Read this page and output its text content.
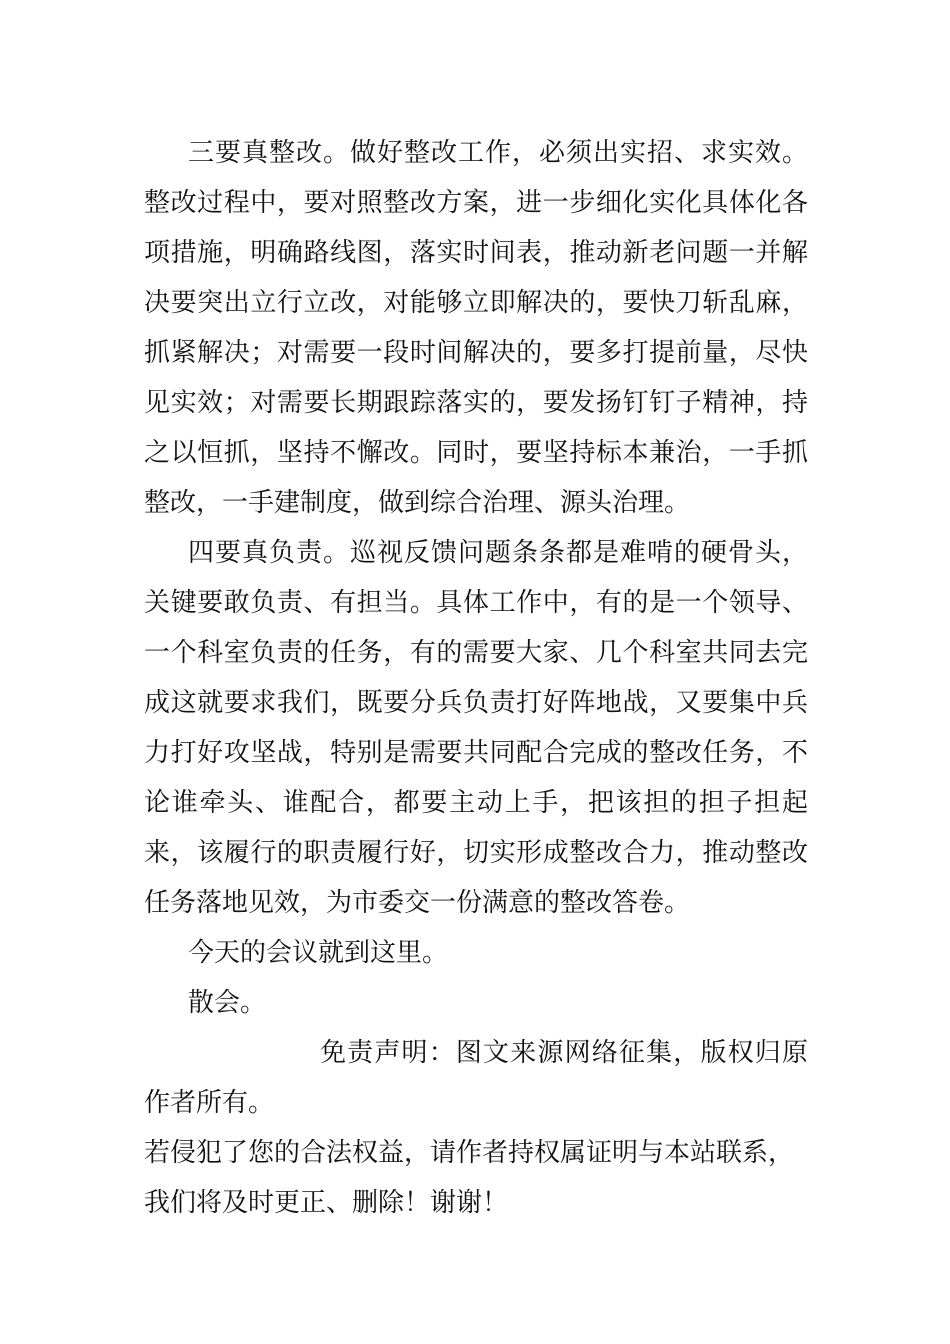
三要真整改。做好整改工作，必须出实招、求实效。整改过程中，要对照整改方案，进一步细化实化具体化各项措施，明确路线图，落实时间表，推动新老问题一并解决要突出立行立改，对能够立即解决的，要快刀斩乱麻，抓紧解决；对需要一段时间解决的，要多打提前量，尽快见实效；对需要长期跟踪落实的，要发扬钉钉子精神，持之以恒抓，坚持不懈改。同时，要坚持标本兼治，一手抓整改，一手建制度，做到综合治理、源头治理。

四要真负责。巡视反馈问题条条都是难啃的硬骨头，关键要敢负责、有担当。具体工作中，有的是一个领导、一个科室负责的任务，有的需要大家、几个科室共同去完成这就要求我们，既要分兵负责打好阵地战，又要集中兵力打好攻坚战，特别是需要共同配合完成的整改任务，不论谁牵头、谁配合，都要主动上手，把该担的担子担起来，该履行的职责履行好，切实形成整改合力，推动整改任务落地见效，为市委交一份满意的整改答卷。

今天的会议就到这里。

散会。

免责声明：图文来源网络征集，版权归原作者所有。

若侵犯了您的合法权益，请作者持权属证明与本站联系，

我们将及时更正、删除！谢谢！
